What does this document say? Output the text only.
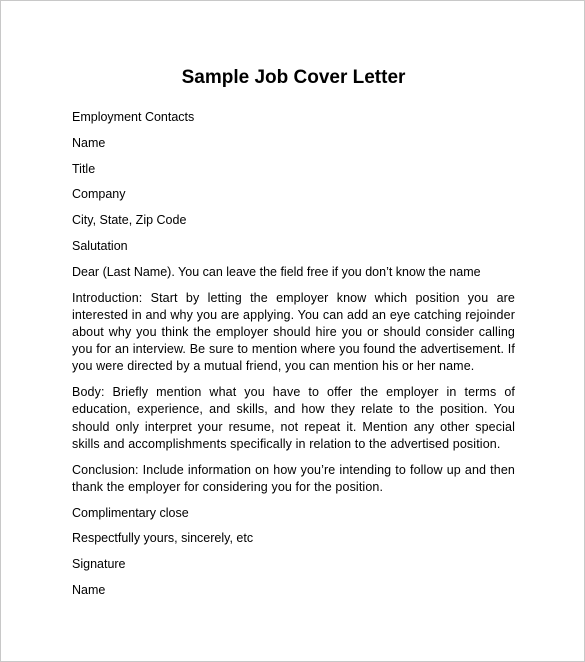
Sample Job Cover Letter

Employment Contacts

Name

Title

Company

City, State, Zip Code

Salutation

Dear (Last Name). You can leave the field free if you don’t know the name

Introduction: Start by letting the employer know which position you are interested in and why you are applying. You can add an eye catching rejoinder about why you think the employer should hire you or should consider calling you for an interview. Be sure to mention where you found the advertisement. If you were directed by a mutual friend, you can mention his or her name.

Body: Briefly mention what you have to offer the employer in terms of education, experience, and skills, and how they relate to the position. You should only interpret your resume, not repeat it. Mention any other special skills and accomplishments specifically in relation to the advertised position.

Conclusion: Include information on how you’re intending to follow up and then thank the employer for considering you for the position.

Complimentary close

Respectfully yours, sincerely, etc

Signature

Name
